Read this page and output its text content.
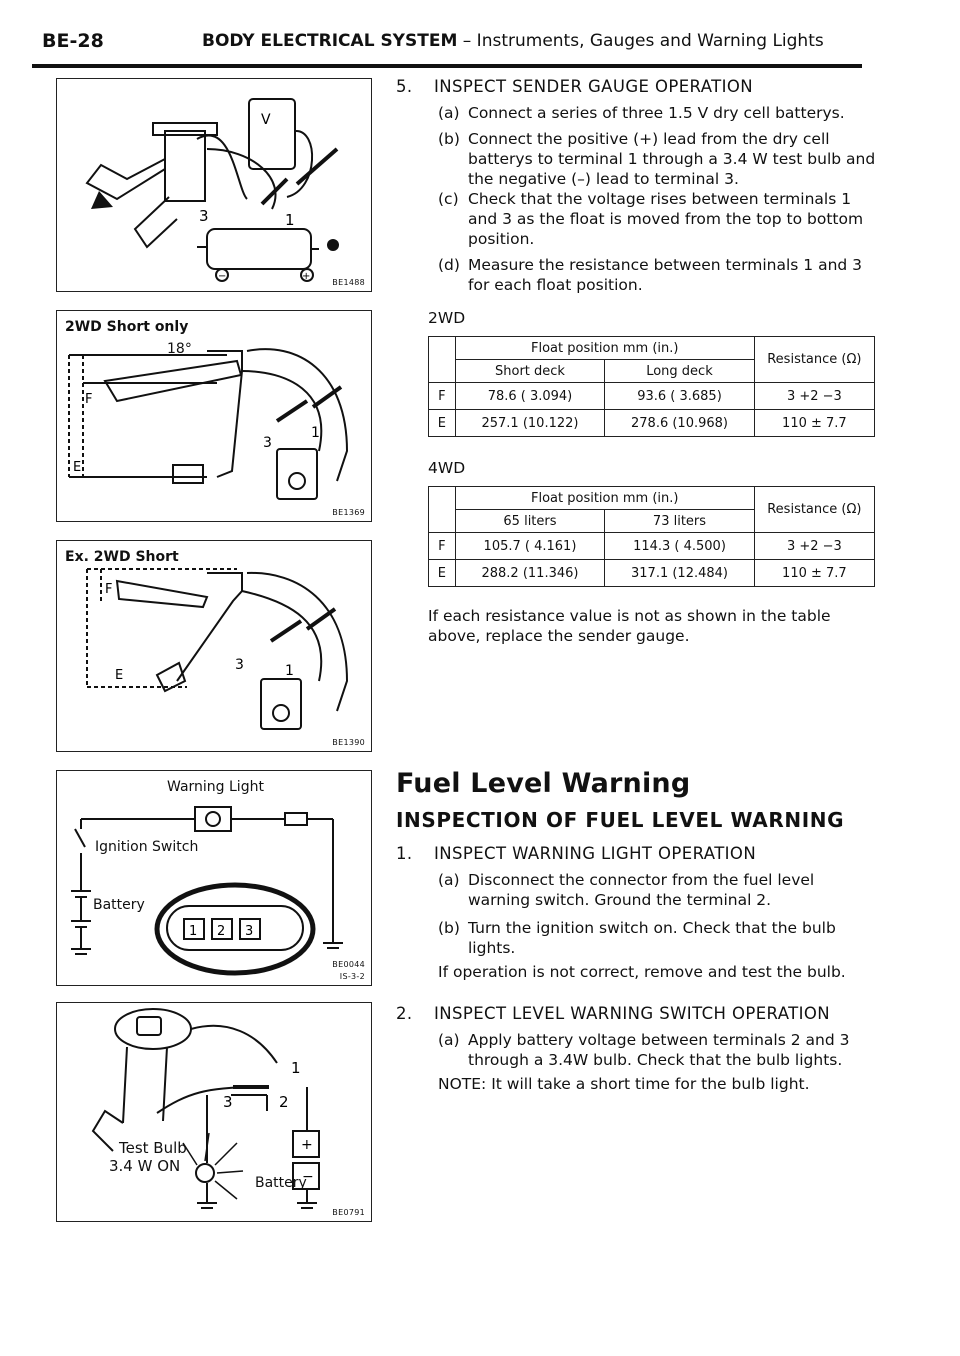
BE-28	BODY ELECTRICAL SYSTEM – Instruments, Gauges and Warning Lights
V
3	1
−	+
BE1488
2WD Short only
18°
F
E
3
1
BE1369
Ex. 2WD Short
F
E
3	1
BE1390
Warning Light
Ignition Switch
Battery
1 2 3
BE0044
IS-3-2
Test Bulb
3.4 W ON
Battery
+
−
1
2
3
BE0791
5. INSPECT SENDER GAUGE OPERATION
(a) Connect a series of three 1.5 V dry cell batterys.
(b) Connect the positive (+) lead from the dry cell batterys to terminal 1 through a 3.4 W test bulb and the negative (–) lead to terminal 3.
(c) Check that the voltage rises between terminals 1 and 3 as the float is moved from the top to bottom position.
(d) Measure the resistance between terminals 1 and 3 for each float position.
2WD
	Float position mm (in.)		Resistance (Ω)
	Short deck	Long deck	
F	78.6 ( 3.094)	93.6 ( 3.685)	3 +2 −3
E	257.1 (10.122)	278.6 (10.968)	110 ± 7.7
4WD
	Float position mm (in.)		Resistance (Ω)
	65 liters	73 liters	
F	105.7 ( 4.161)	114.3 ( 4.500)	3 +2 −3
E	288.2 (11.346)	317.1 (12.484)	110 ± 7.7
If each resistance value is not as shown in the table above, replace the sender gauge.
Fuel Level Warning
INSPECTION OF FUEL LEVEL WARNING
1. INSPECT WARNING LIGHT OPERATION
(a) Disconnect the connector from the fuel level warning switch. Ground the terminal 2.
(b) Turn the ignition switch on. Check that the bulb lights.
If operation is not correct, remove and test the bulb.
2. INSPECT LEVEL WARNING SWITCH OPERATION
(a) Apply battery voltage between terminals 2 and 3 through a 3.4W bulb. Check that the bulb lights.
NOTE: It will take a short time for the bulb light.
